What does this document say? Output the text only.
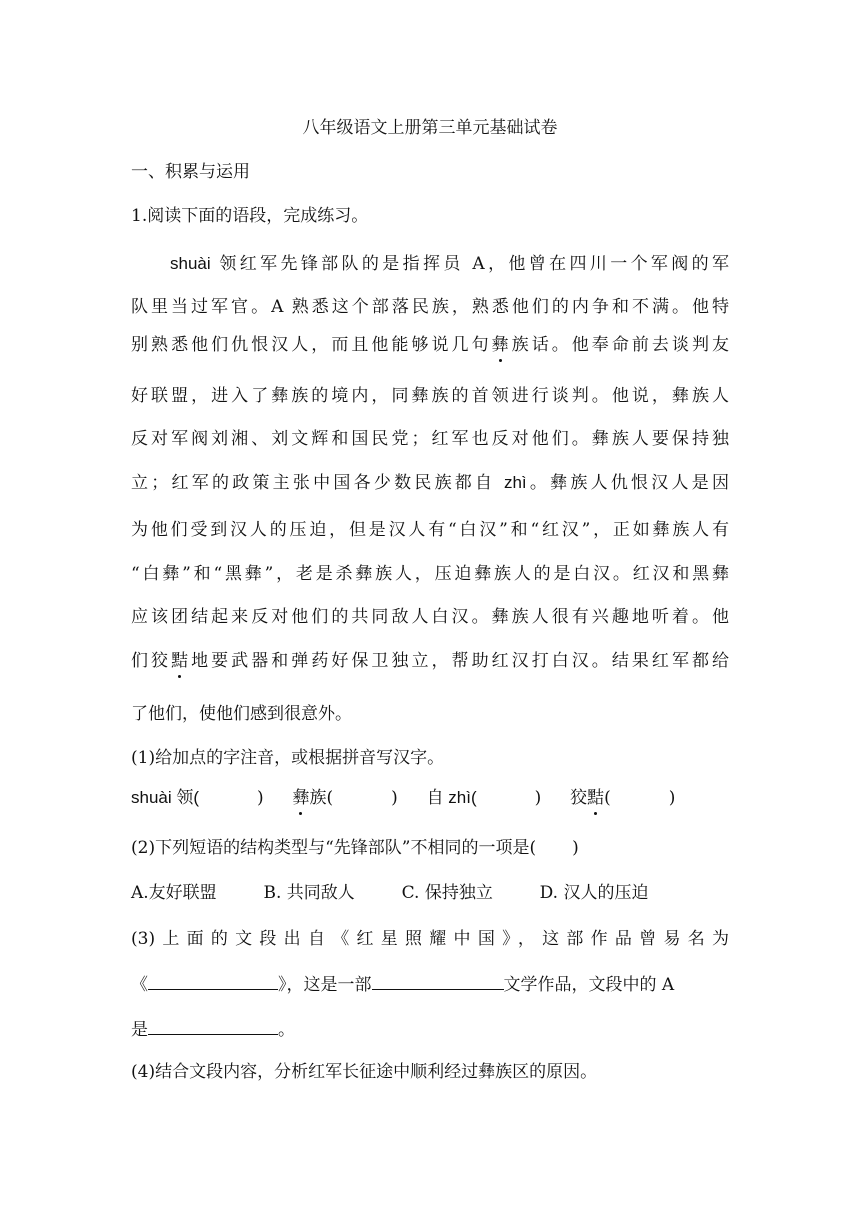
八年级语文上册第三单元基础试卷
一、积累与运用
1.阅读下面的语段，完成练习。
shuài 领红军先锋部队的是指挥员 A，他曾在四川一个军阀的军
队里当过军官。A 熟悉这个部落民族，熟悉他们的内争和不满。他特
别熟悉他们仇恨汉人，而且他能够说几句彝族话。他奉命前去谈判友
好联盟，进入了彝族的境内，同彝族的首领进行谈判。他说，彝族人
反对军阀刘湘、刘文辉和国民党；红军也反对他们。彝族人要保持独
立；红军的政策主张中国各少数民族都自 zhì。彝族人仇恨汉人是因
为他们受到汉人的压迫，但是汉人有“白汉”和“红汉”，正如彝族人有
“白彝”和“黑彝”，老是杀彝族人，压迫彝族人的是白汉。红汉和黑彝
应该团结起来反对他们的共同敌人白汉。彝族人很有兴趣地听着。他
们狡黠地要武器和弹药好保卫独立，帮助红汉打白汉。结果红军都给
了他们，使他们感到很意外。
(1)给加点的字注音，或根据拼音写汉字。
shuài 领(	) 彝族(	) 自 zhì(	) 狡黠(	)
(2)下列短语的结构类型与“先锋部队”不相同的一项是( )
A.友好联盟	B. 共同敌人	C. 保持独立	D. 汉人的压迫
(3)上面的文段出自《红星照耀中国》，这部作品曾易名为
《	》，这是一部	文学作品，文段中的 A
是	。
(4)结合文段内容，分析红军长征途中顺利经过彝族区的原因。
